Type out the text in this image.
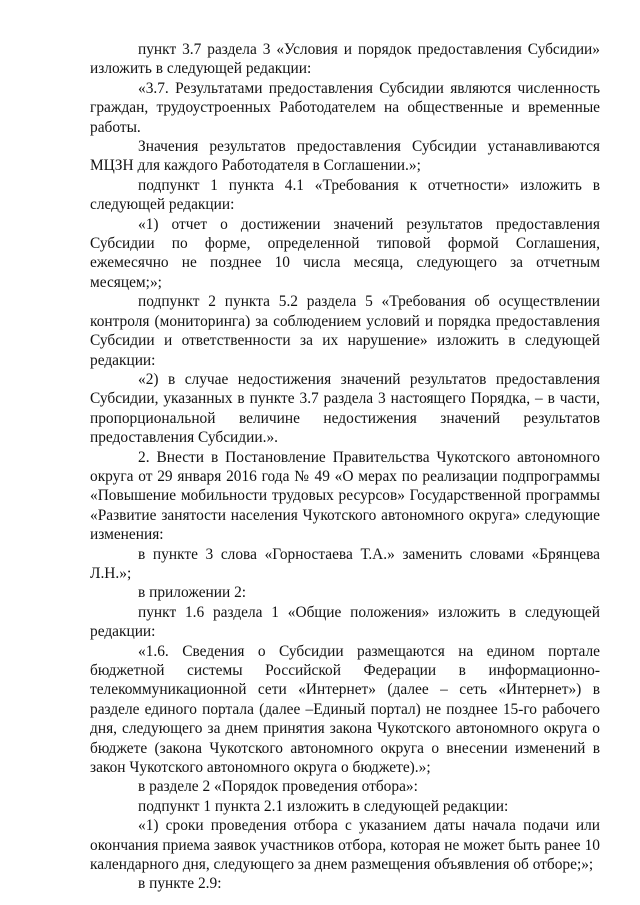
пункт 3.7 раздела 3 «Условия и порядок предоставления Субсидии» изложить в следующей редакции:

«3.7. Результатами предоставления Субсидии являются численность граждан, трудоустроенных Работодателем на общественные и временные работы.

Значения результатов предоставления Субсидии устанавливаются МЦЗН для каждого Работодателя в Соглашении.»;

подпункт 1 пункта 4.1 «Требования к отчетности» изложить в следующей редакции:

«1) отчет о достижении значений результатов предоставления Субсидии по форме, определенной типовой формой Соглашения, ежемесячно не позднее 10 числа месяца, следующего за отчетным месяцем;»;

подпункт 2 пункта 5.2 раздела 5 «Требования об осуществлении контроля (мониторинга) за соблюдением условий и порядка предоставления Субсидии и ответственности за их нарушение» изложить в следующей редакции:

«2) в случае недостижения значений результатов предоставления Субсидии, указанных в пункте 3.7 раздела 3 настоящего Порядка, – в части, пропорциональной величине недостижения значений результатов предоставления Субсидии.».

2. Внести в Постановление Правительства Чукотского автономного округа от 29 января 2016 года № 49 «О мерах по реализации подпрограммы «Повышение мобильности трудовых ресурсов» Государственной программы «Развитие занятости населения Чукотского автономного округа» следующие изменения:

в пункте 3 слова «Горностаева Т.А.» заменить словами «Брянцева Л.Н.»;

в приложении 2:

пункт 1.6 раздела 1 «Общие положения» изложить в следующей редакции:

«1.6. Сведения о Субсидии размещаются на едином портале бюджетной системы Российской Федерации в информационно-телекоммуникационной сети «Интернет» (далее – сеть «Интернет») в разделе единого портала (далее –Единый портал) не позднее 15-го рабочего дня, следующего за днем принятия закона Чукотского автономного округа о бюджете (закона Чукотского автономного округа о внесении изменений в закон Чукотского автономного округа о бюджете).»;

в разделе 2 «Порядок проведения отбора»:

подпункт 1 пункта 2.1 изложить в следующей редакции:

«1) сроки проведения отбора с указанием даты начала подачи или окончания приема заявок участников отбора, которая не может быть ранее 10 календарного дня, следующего за днем размещения объявления об отборе;»;

в пункте 2.9:
